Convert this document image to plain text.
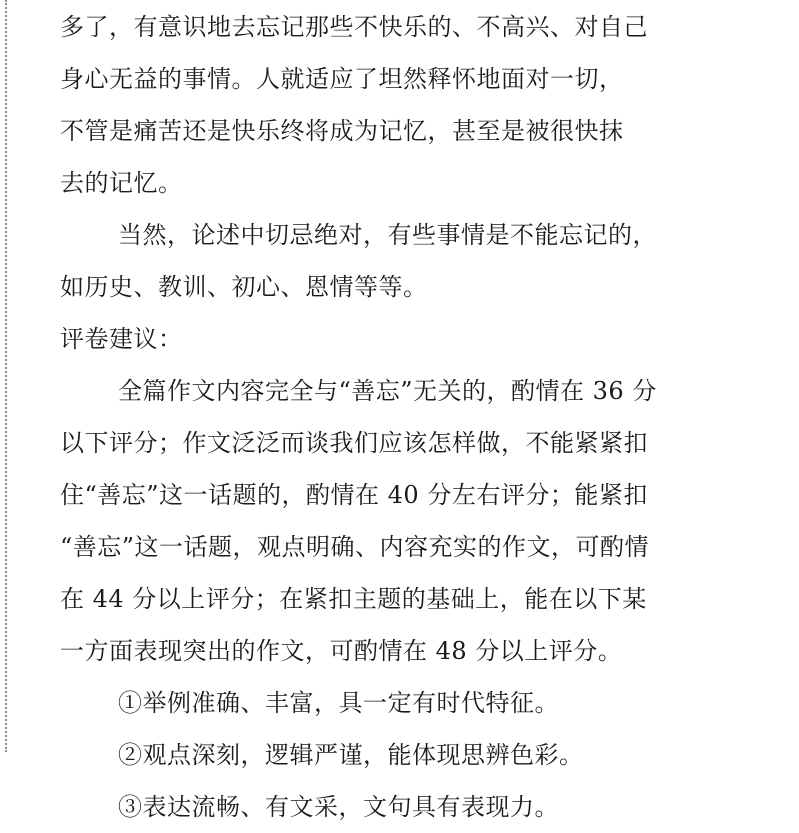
多了，有意识地去忘记那些不快乐的、不高兴、对自己
身心无益的事情。人就适应了坦然释怀地面对一切，
不管是痛苦还是快乐终将成为记忆，甚至是被很快抹
去的记忆。
当然，论述中切忌绝对，有些事情是不能忘记的，
如历史、教训、初心、恩情等等。
评卷建议：
全篇作文内容完全与“善忘”无关的，酌情在 36 分
以下评分；作文泛泛而谈我们应该怎样做，不能紧紧扣
住“善忘”这一话题的，酌情在 40 分左右评分；能紧扣
“善忘”这一话题，观点明确、内容充实的作文，可酌情
在 44 分以上评分；在紧扣主题的基础上，能在以下某
一方面表现突出的作文，可酌情在 48 分以上评分。
①举例准确、丰富，具一定有时代特征。
②观点深刻，逻辑严谨，能体现思辨色彩。
③表达流畅、有文采，文句具有表现力。
